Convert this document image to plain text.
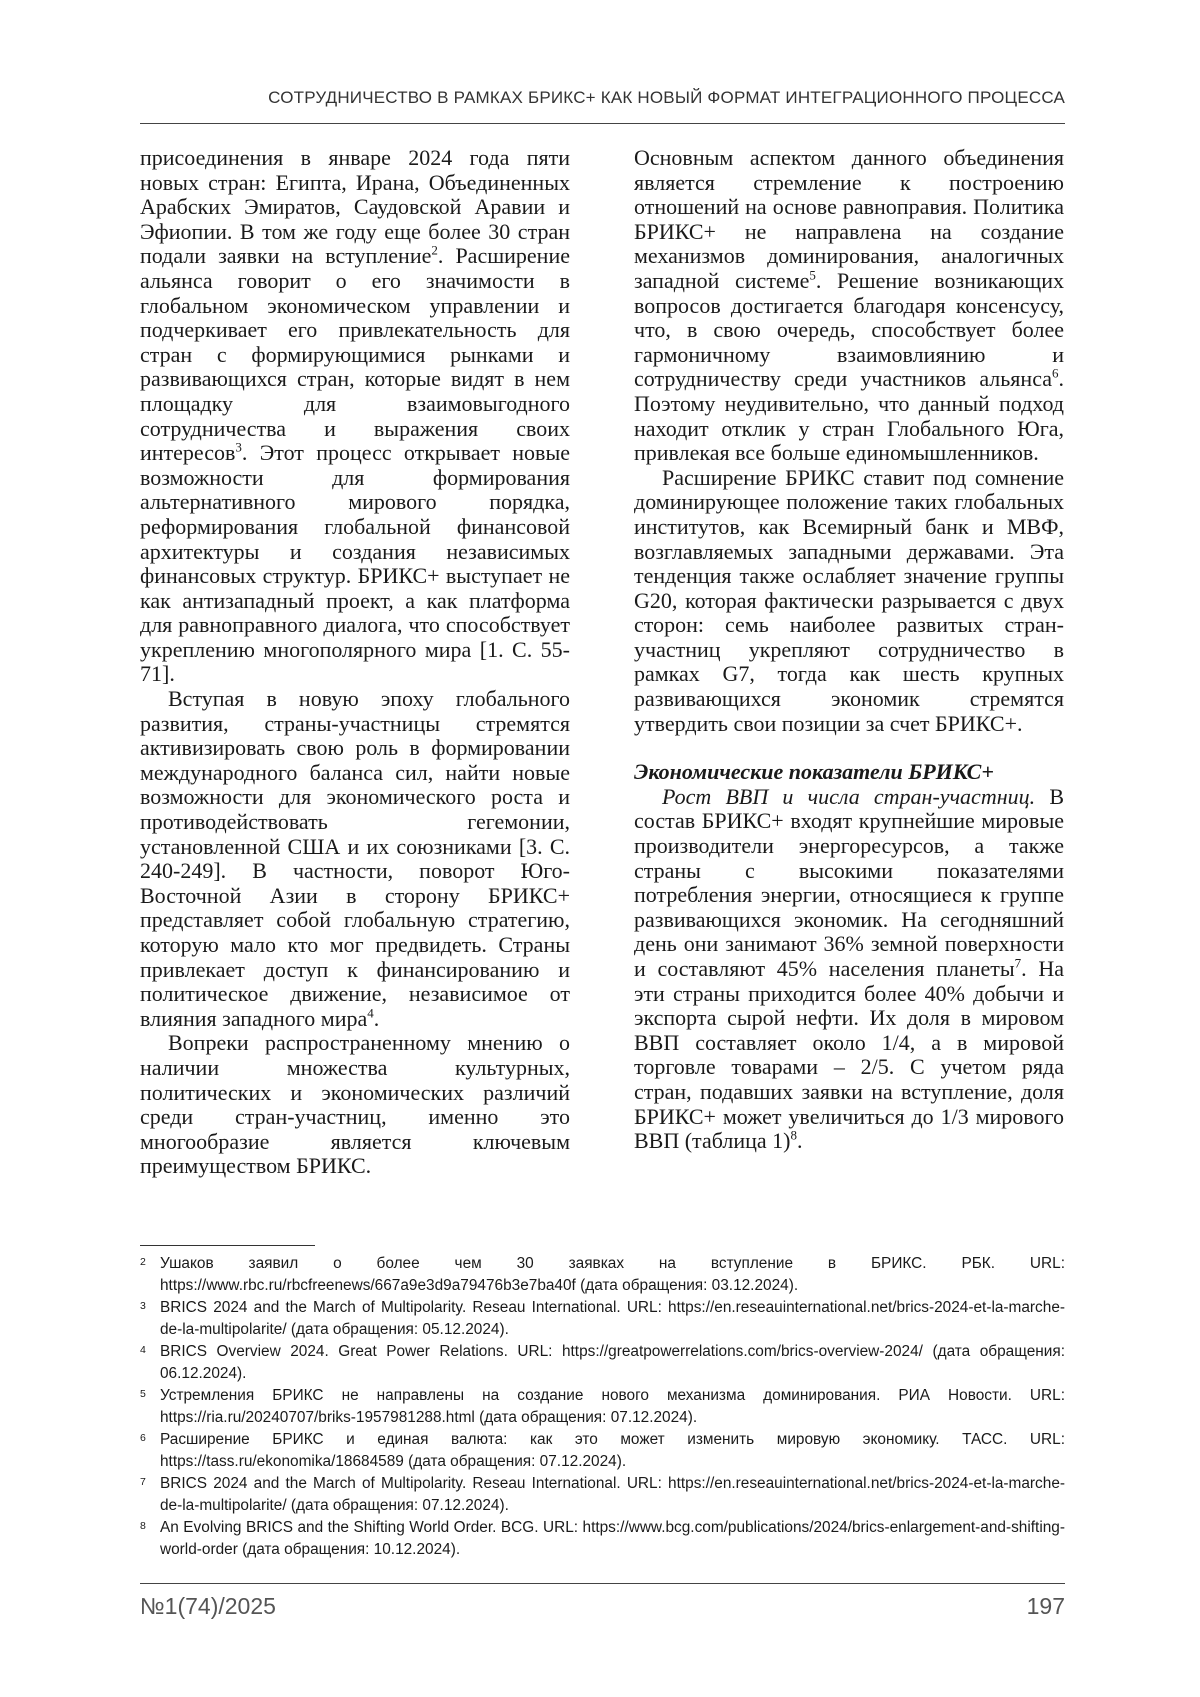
СОТРУДНИЧЕСТВО В РАМКАХ БРИКС+ КАК НОВЫЙ ФОРМАТ ИНТЕГРАЦИОННОГО ПРОЦЕССА

присоединения в январе 2024 года пяти новых стран: Египта, Ирана, Объединенных Арабских Эмиратов, Саудовской Аравии и Эфиопии. В том же году еще более 30 стран подали заявки на вступление$^2$. Расширение альянса говорит о его значимости в глобальном экономическом управлении и подчеркивает его привлекательность для стран с формирующимися рынками и развивающихся стран, которые видят в нем площадку для взаимовыгодного сотрудничества и выражения своих интересов$^3$. Этот процесс открывает новые возможности для формирования альтернативного мирового порядка, реформирования глобальной финансовой архитектуры и создания независимых финансовых структур. БРИКС+ выступает не как антизападный проект, а как платформа для равноправного диалога, что способствует укреплению многополярного мира [1. С. 55-71].

Вступая в новую эпоху глобального развития, страны-участницы стремятся активизировать свою роль в формировании международного баланса сил, найти новые возможности для экономического роста и противодействовать гегемонии, установленной США и их союзниками [3. С. 240-249]. В частности, поворот Юго-Восточной Азии в сторону БРИКС+ представляет собой глобальную стратегию, которую мало кто мог предвидеть. Страны привлекает доступ к финансированию и политическое движение, независимое от влияния западного мира$^4$.

Вопреки распространенному мнению о наличии множества культурных, политических и экономических различий среди стран-участниц, именно это многообразие является ключевым преимуществом БРИКС.

Основным аспектом данного объединения является стремление к построению отношений на основе равноправия. Политика БРИКС+ не направлена на создание механизмов доминирования, аналогичных западной системе$^5$. Решение возникающих вопросов достигается благодаря консенсусу, что, в свою очередь, способствует более гармоничному взаимовлиянию и сотрудничеству среди участников альянса$^6$. Поэтому неудивительно, что данный подход находит отклик у стран Глобального Юга, привлекая все больше единомышленников.

Расширение БРИКС ставит под сомнение доминирующее положение таких глобальных институтов, как Всемирный банк и МВФ, возглавляемых западными державами. Эта тенденция также ослабляет значение группы G20, которая фактически разрывается с двух сторон: семь наиболее развитых стран-участниц укрепляют сотрудничество в рамках G7, тогда как шесть крупных развивающихся экономик стремятся утвердить свои позиции за счет БРИКС+.

Экономические показатели БРИКС+

Рост ВВП и числа стран-участниц. В состав БРИКС+ входят крупнейшие мировые производители энергоресурсов, а также страны с высокими показателями потребления энергии, относящиеся к группе развивающихся экономик. На сегодняшний день они занимают 36% земной поверхности и составляют 45% населения планеты$^7$. На эти страны приходится более 40% добычи и экспорта сырой нефти. Их доля в мировом ВВП составляет около 1/4, а в мировой торговле товарами – 2/5. С учетом ряда стран, подавших заявки на вступление, доля БРИКС+ может увеличиться до 1/3 мирового ВВП (таблица 1)$^8$.

2 Ушаков заявил о более чем 30 заявках на вступление в БРИКС. РБК. URL: https://www.rbc.ru/rbcfreenews/667a9e3d9a79476b3e7ba40f (дата обращения: 03.12.2024).
3 BRICS 2024 and the March of Multipolarity. Reseau International. URL: https://en.reseauinternational.net/brics-2024-et-la-marche-de-la-multipolarite/ (дата обращения: 05.12.2024).
4 BRICS Overview 2024. Great Power Relations. URL: https://greatpowerrelations.com/brics-overview-2024/ (дата обращения: 06.12.2024).
5 Устремления БРИКС не направлены на создание нового механизма доминирования. РИА Новости. URL: https://ria.ru/20240707/briks-1957981288.html (дата обращения: 07.12.2024).
6 Расширение БРИКС и единая валюта: как это может изменить мировую экономику. ТАСС. URL: https://tass.ru/ekonomika/18684589 (дата обращения: 07.12.2024).
7 BRICS 2024 and the March of Multipolarity. Reseau International. URL: https://en.reseauinternational.net/brics-2024-et-la-marche-de-la-multipolarite/ (дата обращения: 07.12.2024).
8 An Evolving BRICS and the Shifting World Order. BCG. URL: https://www.bcg.com/publications/2024/brics-enlargement-and-shifting-world-order (дата обращения: 10.12.2024).
№1(74)/2025	197
